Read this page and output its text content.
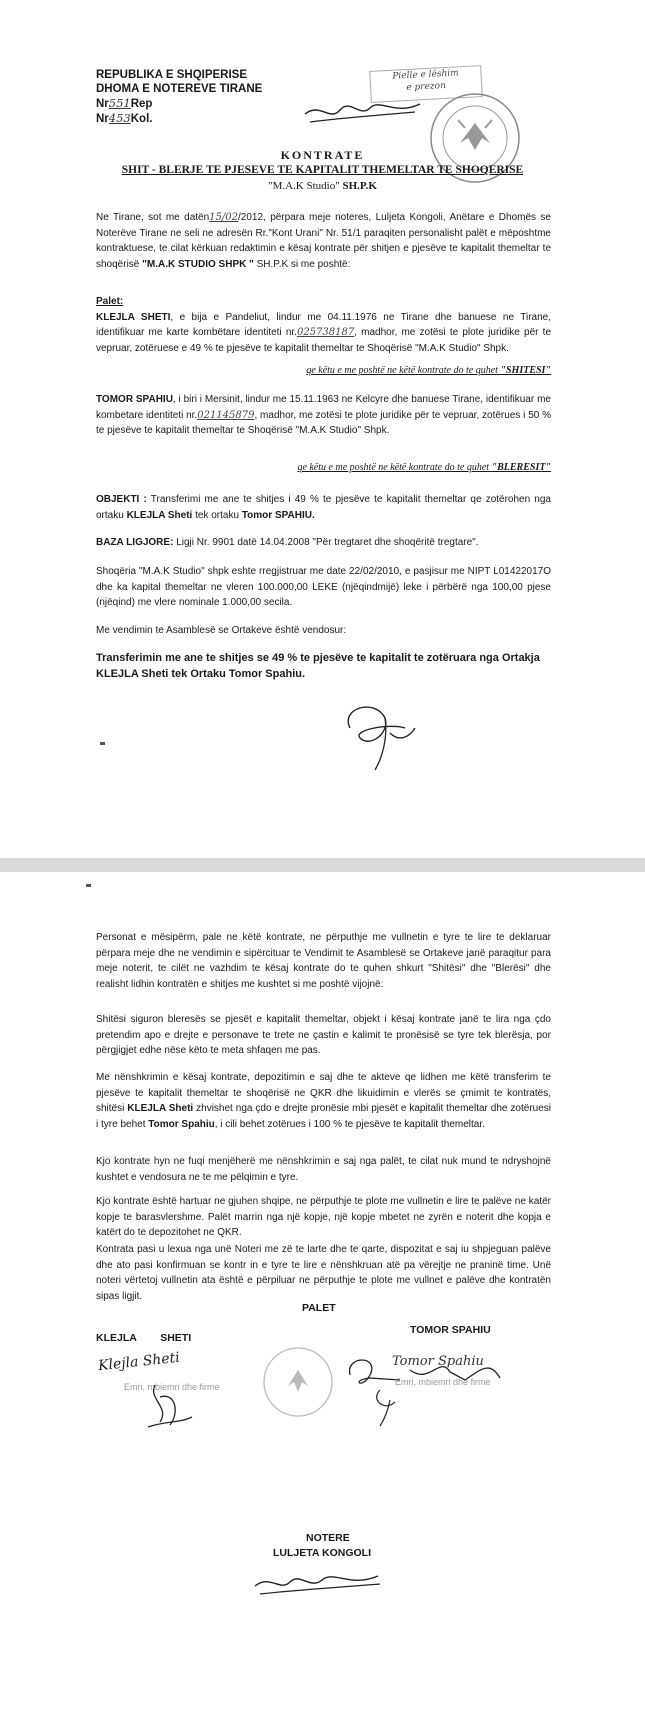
REPUBLIKA E SHQIPERISE
DHOMA E NOTEREVE TIRANE
Nr551Rep
Nr453Kol.
Pielle e lëshim
e prezon
KONTRATE
SHIT - BLERJE TE PJESEVE TE KAPITALIT THEMELTAR TE SHOQERISE
"M.A.K Studio" SH.P.K
Ne Tirane, sot me datën15/02/2012, përpara meje noteres, Luljeta Kongoli, Anëtare e Dhomës se Noterëve Tirane ne seli ne adresën Rr."Kont Urani" Nr. 51/1 paraqiten personalisht palët e mëposhtme kontraktuese, te cilat kërkuan redaktimin e kësaj kontrate për shitjen e pjesëve te kapitalit themeltar te shoqërisë "M.A.K STUDIO SHPK " SH.P.K si me poshtë:
Palet:
KLEJLA SHETI, e bija e Pandeliut, lindur me 04.11.1976 ne Tirane dhe banuese ne Tirane, identifikuar me karte kombëtare identiteti nr.025738187, madhor, me zotësi te plote juridike për te vepruar, zotëruese e 49 % te pjesëve te kapitalit themeltar te Shoqërisë "M.A.K Studio" Shpk.
qe këtu e me poshtë ne këtë kontrate do te quhet "SHITESI"
TOMOR SPAHIU, i biri i Mersinit, lindur me 15.11.1963 ne Kelcyre dhe banuese Tirane, identifikuar me kombetare identiteti nr.021145879, madhor, me zotësi te plote juridike për te vepruar, zotërues i 50 % te pjesëve te kapitalit themeltar te Shoqërisë "M.A.K Studio" Shpk.
qe këtu e me poshtë ne këtë kontrate do te quhet "BLERESIT"
OBJEKTI : Transferimi me ane te shitjes i 49 % te pjesëve te kapitalit themeltar qe zotërohen nga ortaku KLEJLA Sheti tek ortaku Tomor SPAHIU.
BAZA LIGJORE: Ligji Nr. 9901 datë 14.04.2008 "Për tregtaret dhe shoqëritë tregtare".
Shoqëria "M.A.K Studio" shpk eshte rregjistruar me date 22/02/2010, e pasjisur me NIPT L01422017O dhe ka kapital themeltar ne vleren 100.000,00 LEKE (njëqindmijë) leke i përbërë nga 100,00 pjese (njëqind) me vlere nominale 1.000,00 secila.
Me vendimin te Asamblesë se Ortakeve është vendosur:
Transferimin me ane te shitjes se 49 % te pjesëve te kapitalit te zotëruara nga Ortakja KLEJLA Sheti tek Ortaku Tomor Spahiu.
Personat e mësipërm, pale ne këtë kontrate, ne përputhje me vullnetin e tyre te lire te deklaruar përpara meje dhe ne vendimin e sipërcituar te Vendimit te Asamblesë se Ortakeve janë paraqitur para meje noterit, te cilët ne vazhdim te kësaj kontrate do te quhen shkurt "Shitësi" dhe "Blerësi" dhe realisht lidhin kontratën e shitjes me kushtet si me poshtë vijojnë:
Shitësi siguron bleresës se pjesët e kapitalit themeltar, objekt i kësaj kontrate janë te lira nga çdo pretendim apo e drejte e personave te trete ne çastin e kalimit te pronësisë se tyre tek blerësja, por përgjigjet edhe nëse këto te meta shfaqen me pas.
Me nënshkrimin e kësaj kontrate, depozitimin e saj dhe te akteve qe lidhen me këtë transferim te pjesëve te kapitalit themeltar te shoqërisë ne QKR dhe likuidimin e vlerës se çmimit te kontratës, shitësi KLEJLA Sheti zhvishet nga çdo e drejte pronësie mbi pjesët e kapitalit themeltar dhe zotëruesi i tyre behet Tomor Spahiu, i cili behet zotërues i 100 % te pjesëve te kapitalit themeltar.
Kjo kontrate hyn ne fuqi menjëherë me nënshkrimin e saj nga palët, te cilat nuk mund te ndryshojnë kushtet e vendosura ne te me pëlqimin e tyre.
Kjo kontrate është hartuar ne gjuhen shqipe, ne përputhje te plote me vullnetin e lire te palëve ne katër kopje te barasvlershme. Palët marrin nga një kopje, një kopje mbetet ne zyrën e noterit dhe kopja e katërt do te depozitohet ne QKR.
Kontrata pasi u lexua nga unë Noteri me zë te larte dhe te qarte, dispozitat e saj iu shpjeguan palëve dhe ato pasi konfirmuan se kontr in e tyre te lire e nënshkruan atë pa vërejtje ne praninë time. Unë noteri vërtetoj vullnetin ata është e përpiluar ne përputhje te plote me vullnet e palëve dhe kontratën sipas ligjit.
PALET
KLEJLA SHETI
TOMOR SPAHIU
Klejla Sheti
Emri, mbiemri dhe firme
Tomor Spahiu
Emri, mbiemri dhe firme
NOTERE
LULJETA KONGOLI
